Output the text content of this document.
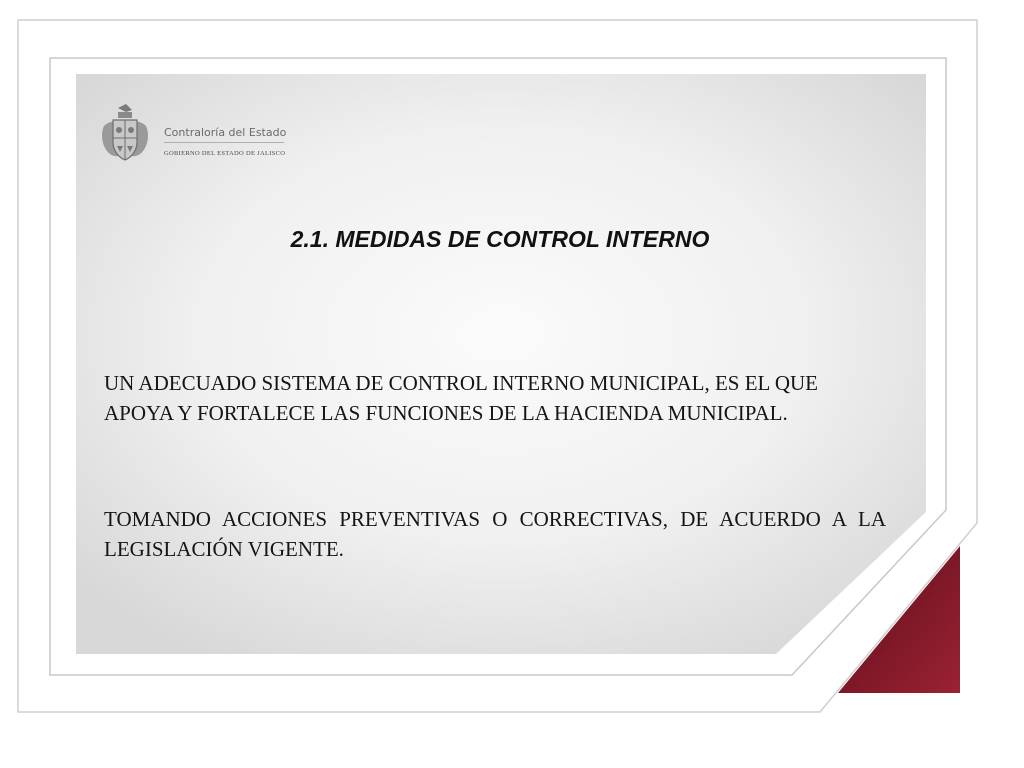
Contraloría del Estado
GOBIERNO DEL ESTADO DE JALISCO
2.1. MEDIDAS DE CONTROL INTERNO

UN ADECUADO SISTEMA DE CONTROL INTERNO MUNICIPAL, ES EL QUE APOYA Y FORTALECE LAS FUNCIONES DE LA HACIENDA MUNICIPAL.

TOMANDO ACCIONES PREVENTIVAS O CORRECTIVAS, DE ACUERDO A LA LEGISLACIÓN VIGENTE.
